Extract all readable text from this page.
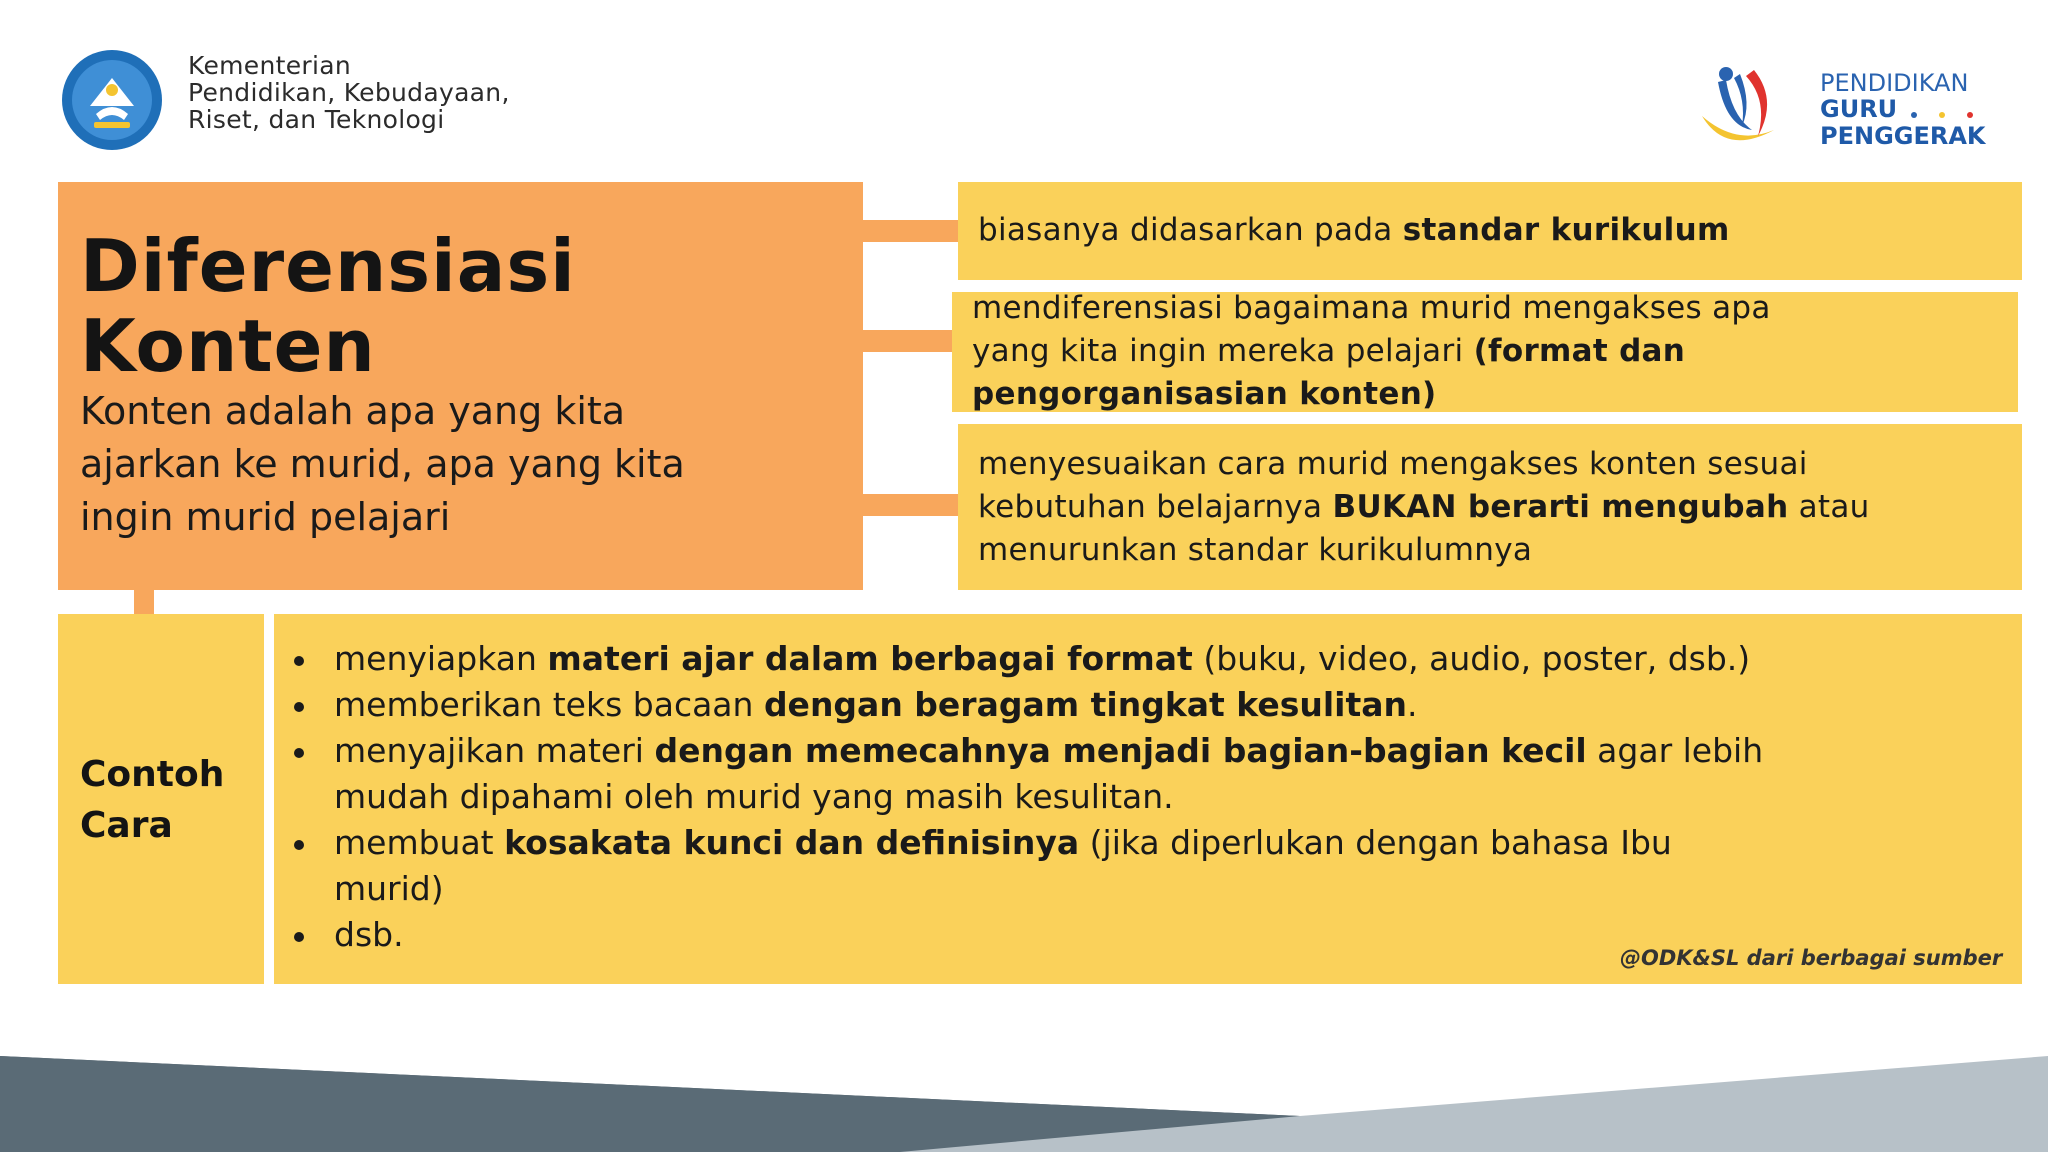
Kementerian
Pendidikan, Kebudayaan,
Riset, dan Teknologi
PENDIDIKAN
GURU
PENGGERAK
Diferensiasi
Konten
Konten adalah apa yang kita
ajarkan ke murid, apa yang kita
ingin murid pelajari
biasanya didasarkan pada standar kurikulum
mendiferensiasi bagaimana murid mengakses apa
yang kita ingin mereka pelajari (format dan
pengorganisasian konten)
menyesuaikan cara murid mengakses konten sesuai
kebutuhan belajarnya BUKAN berarti mengubah atau
menurunkan standar kurikulumnya
Contoh
Cara
menyiapkan materi ajar dalam berbagai format (buku, video, audio, poster, dsb.)
memberikan teks bacaan dengan beragam tingkat kesulitan.
menyajikan materi dengan memecahnya menjadi bagian-bagian kecil agar lebih
mudah dipahami oleh murid yang masih kesulitan.
membuat kosakata kunci dan definisinya (jika diperlukan dengan bahasa Ibu
murid)
dsb.
@ODK&SL dari berbagai sumber
